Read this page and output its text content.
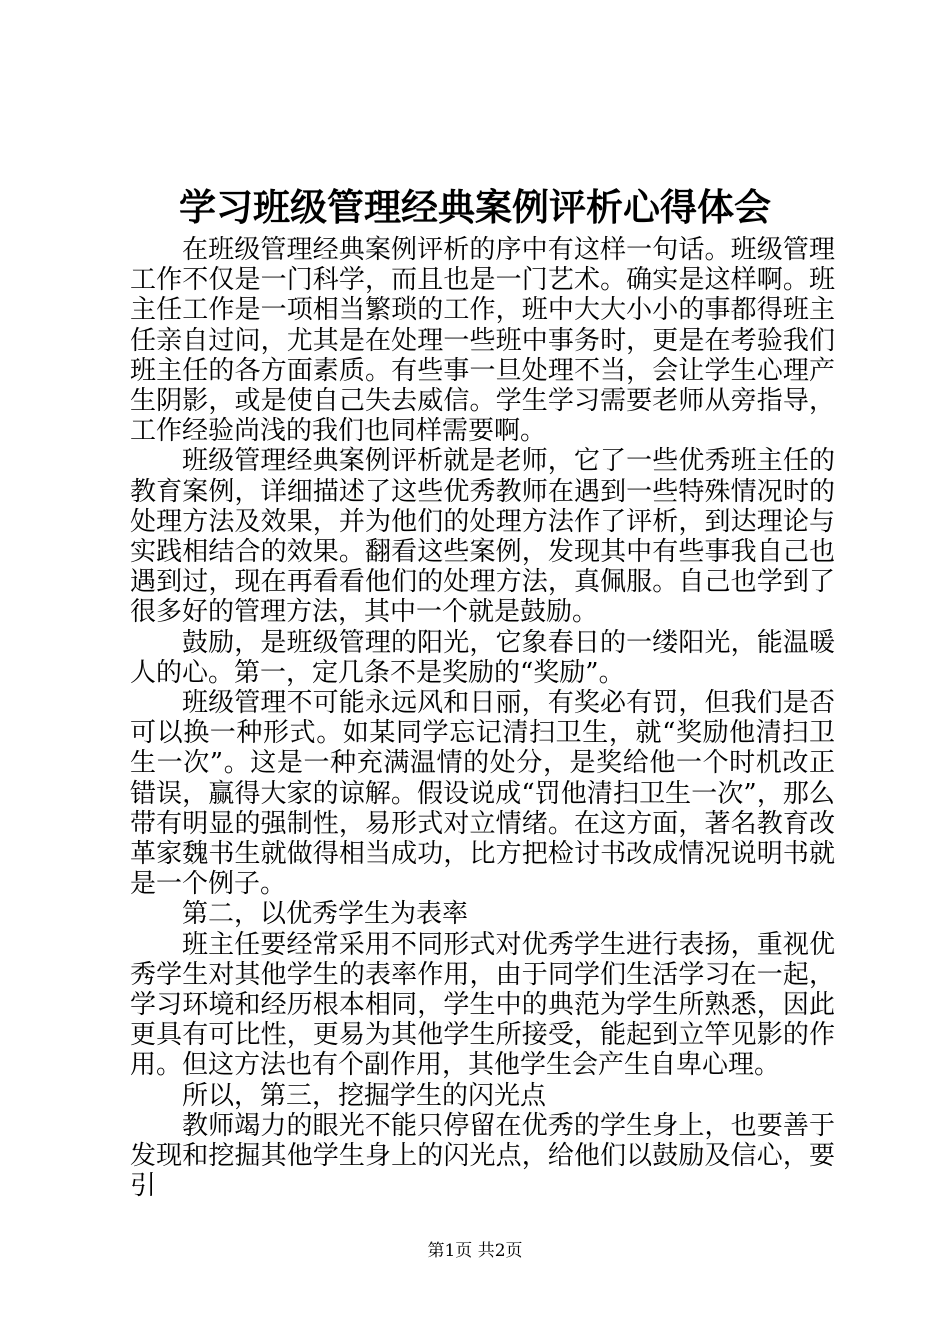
学习班级管理经典案例评析心得体会

在班级管理经典案例评析的序中有这样一句话。班级管理工作不仅是一门科学，而且也是一门艺术。确实是这样啊。班主任工作是一项相当繁琐的工作，班中大大小小的事都得班主任亲自过问，尤其是在处理一些班中事务时，更是在考验我们班主任的各方面素质。有些事一旦处理不当，会让学生心理产生阴影，或是使自己失去威信。学生学习需要老师从旁指导，工作经验尚浅的我们也同样需要啊。

班级管理经典案例评析就是老师，它了一些优秀班主任的教育案例，详细描述了这些优秀教师在遇到一些特殊情况时的处理方法及效果，并为他们的处理方法作了评析，到达理论与实践相结合的效果。翻看这些案例，发现其中有些事我自己也遇到过，现在再看看他们的处理方法，真佩服。自己也学到了很多好的管理方法，其中一个就是鼓励。

鼓励，是班级管理的阳光，它象春日的一缕阳光，能温暖人的心。第一，定几条不是奖励的“奖励”。

班级管理不可能永远风和日丽，有奖必有罚，但我们是否可以换一种形式。如某同学忘记清扫卫生，就“奖励他清扫卫生一次”。这是一种充满温情的处分，是奖给他一个时机改正错误，赢得大家的谅解。假设说成“罚他清扫卫生一次”，那么带有明显的强制性，易形式对立情绪。在这方面，著名教育改革家魏书生就做得相当成功，比方把检讨书改成情况说明书就是一个例子。

第二，以优秀学生为表率

班主任要经常采用不同形式对优秀学生进行表扬，重视优秀学生对其他学生的表率作用，由于同学们生活学习在一起，学习环境和经历根本相同，学生中的典范为学生所熟悉，因此更具有可比性，更易为其他学生所接受，能起到立竿见影的作用。但这方法也有个副作用，其他学生会产生自卑心理。

所以，第三，挖掘学生的闪光点

教师竭力的眼光不能只停留在优秀的学生身上，也要善于发现和挖掘其他学生身上的闪光点，给他们以鼓励及信心，要引

第1页 共2页
